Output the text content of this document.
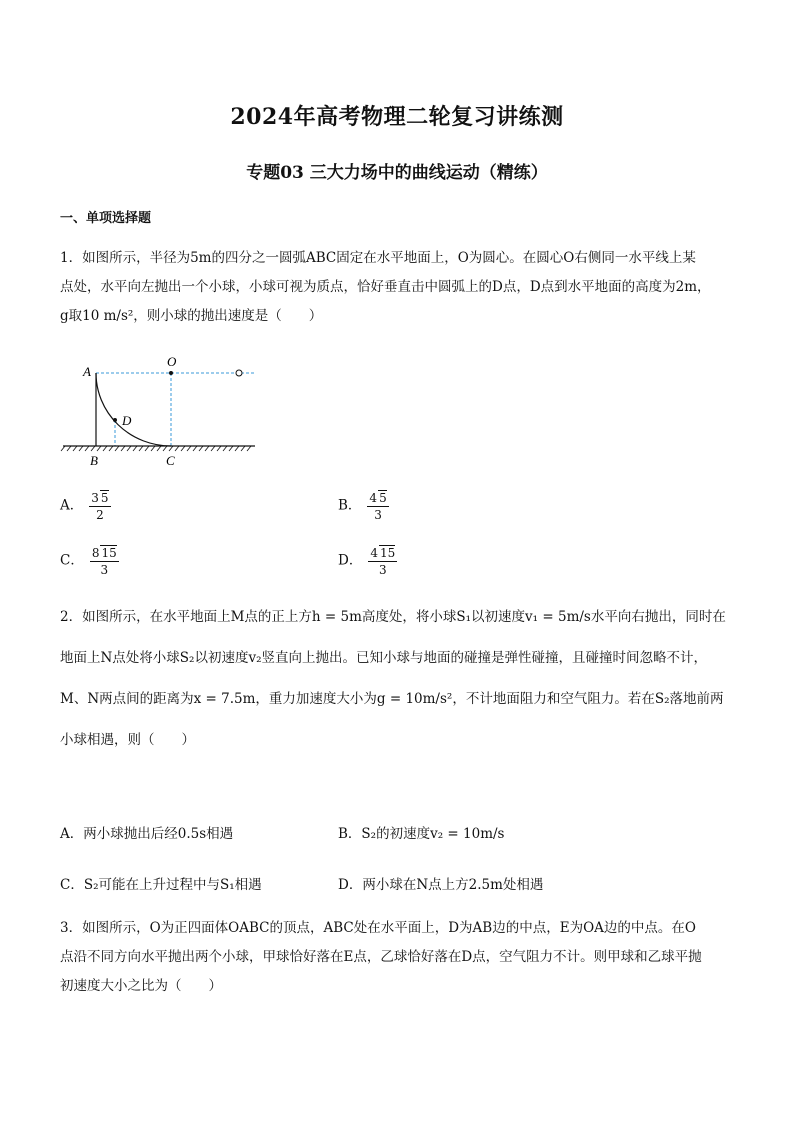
2024年高考物理二轮复习讲练测
专题03 三大力场中的曲线运动（精练）
一、单项选择题
1．如图所示，半径为5m的四分之一圆弧ABC固定在水平地面上，O为圆心。在圆心O右侧同一水平线上某
点处，水平向左抛出一个小球，小球可视为质点，恰好垂直击中圆弧上的D点，D点到水平地面的高度为2m，
g取10 m/s²，则小球的抛出速度是（　　）
A
O
D
B	C
A． $\frac{3 5}{2}$	B． $\frac{4 5}{3}$
C． $\frac{8 15}{3}$	D． $\frac{4 15}{3}$
2．如图所示，在水平地面上M点的正上方h = 5m高度处，将小球S₁以初速度v₁ = 5m/s水平向右抛出，同时在
地面上N点处将小球S₂以初速度v₂竖直向上抛出。已知小球与地面的碰撞是弹性碰撞，且碰撞时间忽略不计，
M、N两点间的距离为x = 7.5m，重力加速度大小为g = 10m/s²，不计地面阻力和空气阻力。若在S₂落地前两
小球相遇，则（　　）
A．两小球抛出后经0.5s相遇	B．S₂的初速度v₂ = 10m/s
C．S₂可能在上升过程中与S₁相遇	D．两小球在N点上方2.5m处相遇
3．如图所示，O为正四面体OABC的顶点，ABC处在水平面上，D为AB边的中点，E为OA边的中点。在O
点沿不同方向水平抛出两个小球，甲球恰好落在E点，乙球恰好落在D点，空气阻力不计。则甲球和乙球平抛
初速度大小之比为（　　）
